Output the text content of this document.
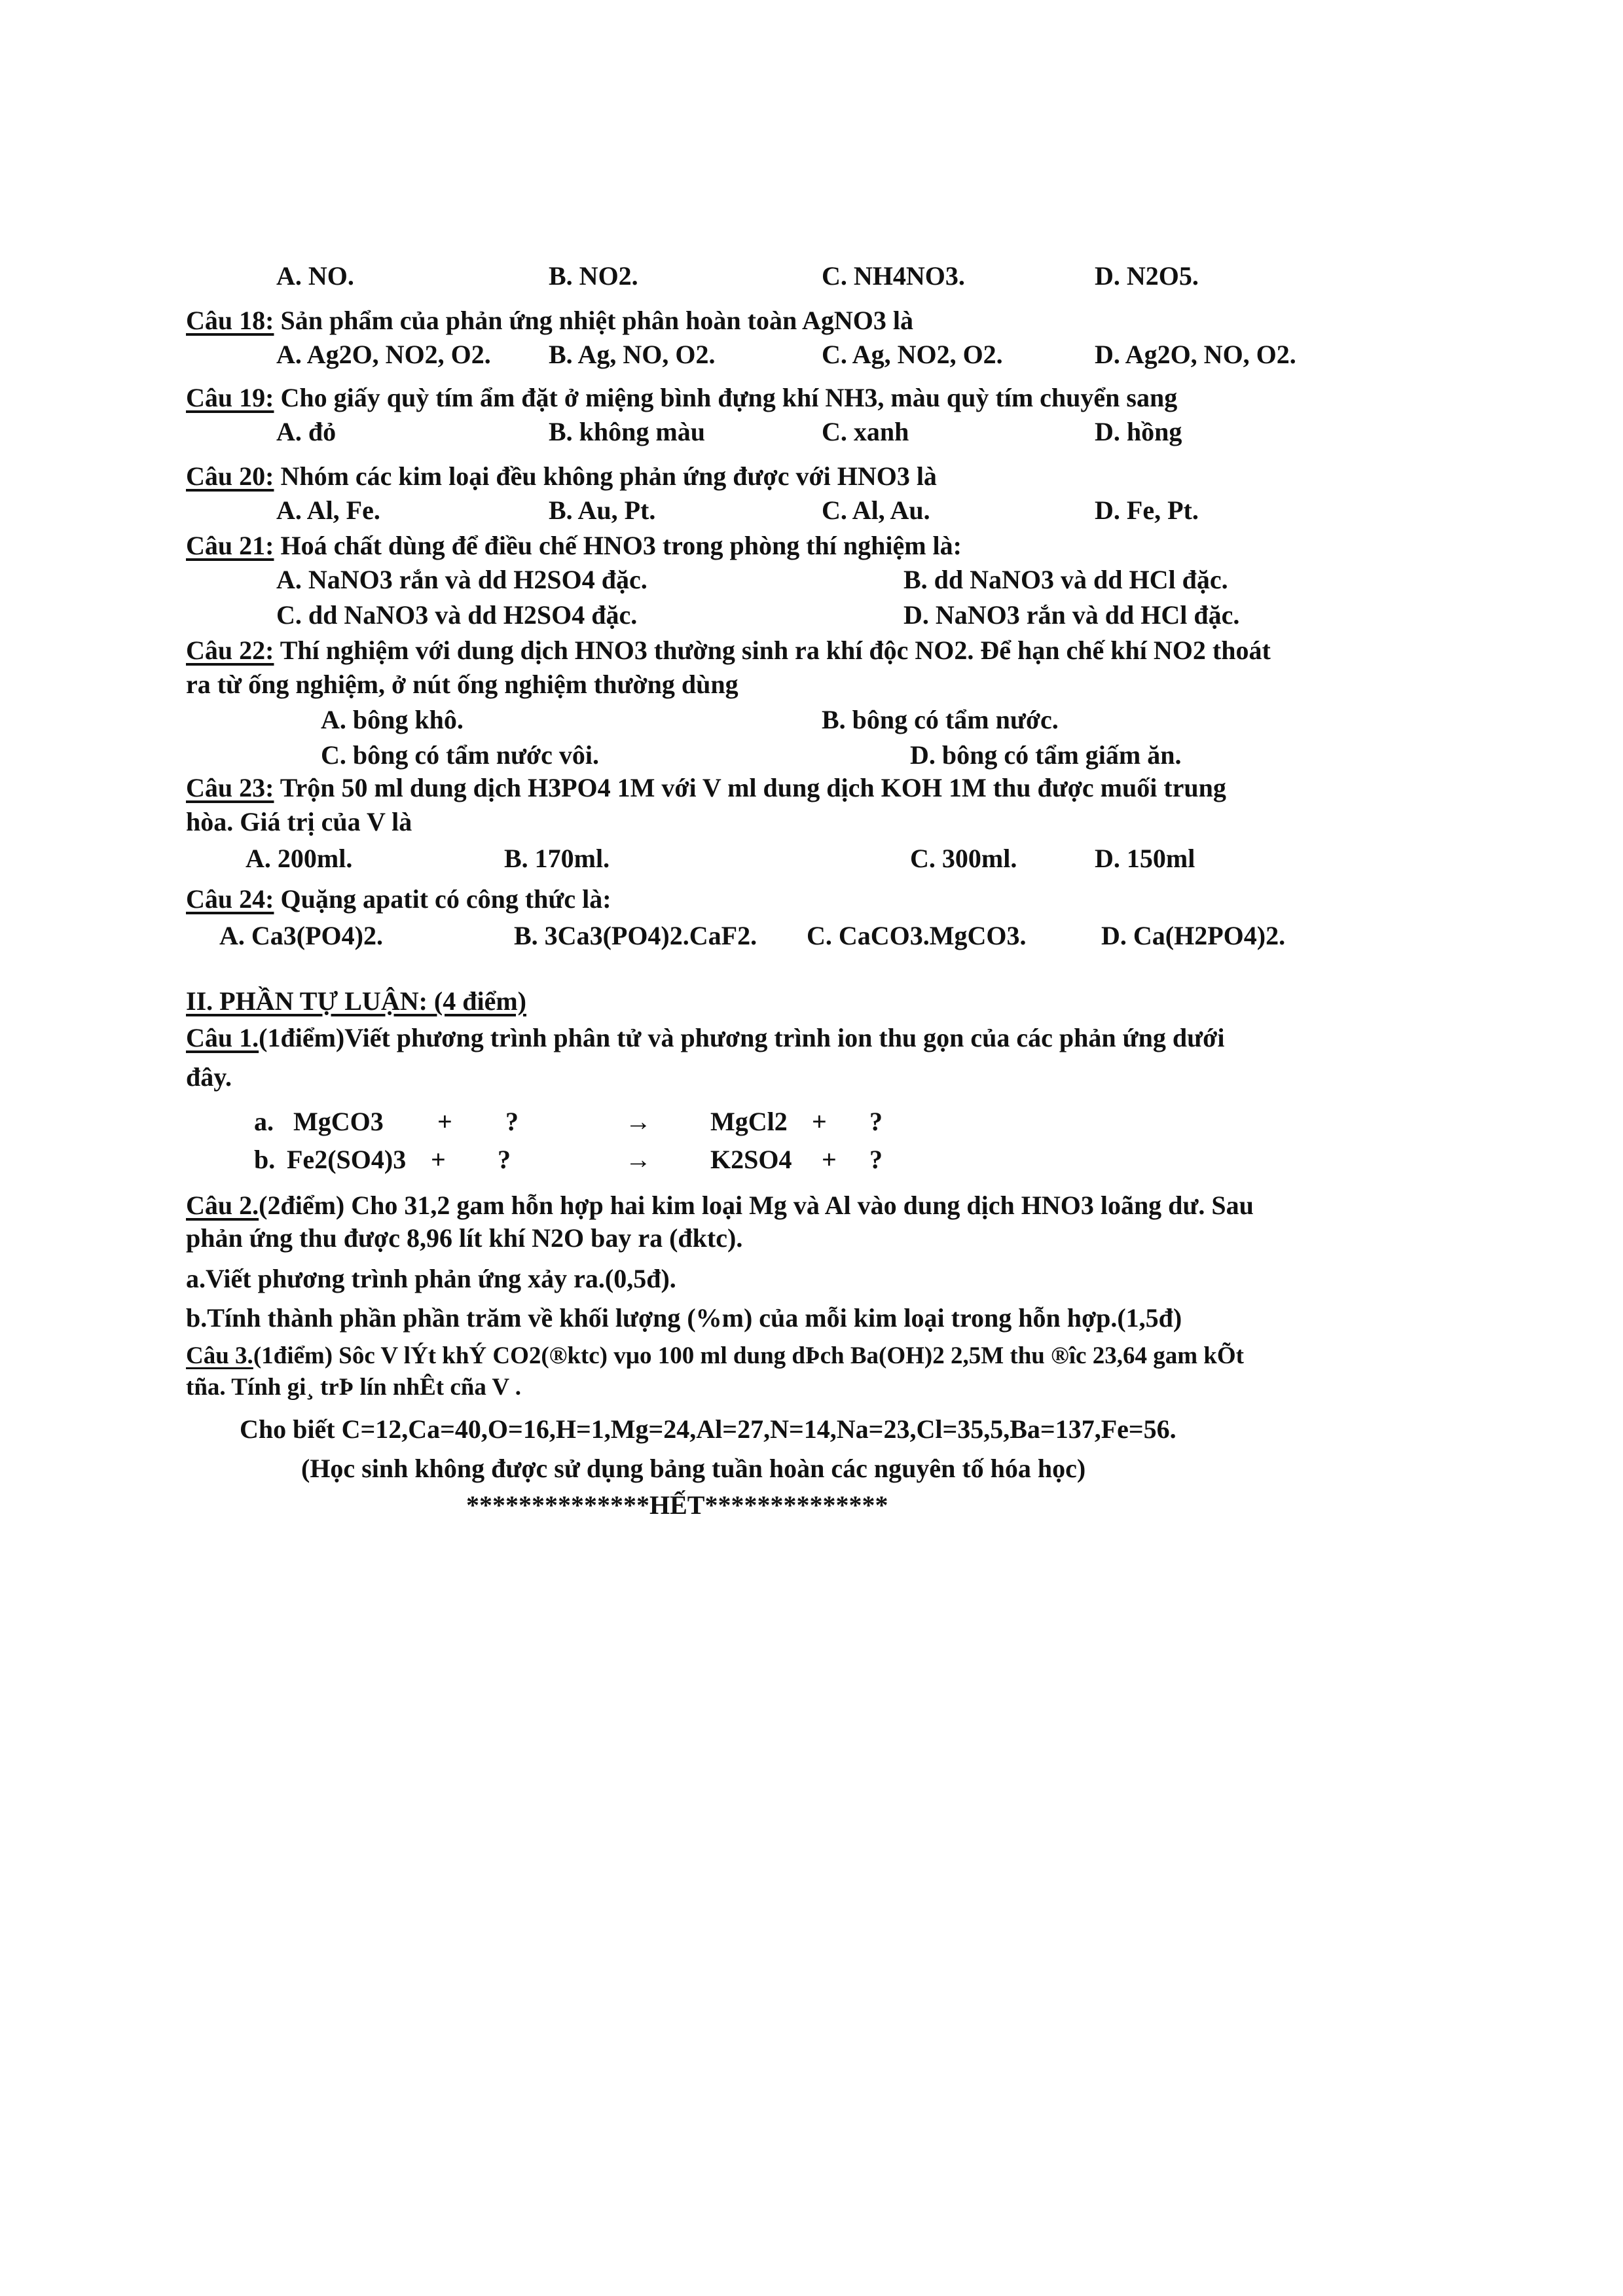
A. NO.	B. NO2.	C. NH4NO3.	D. N2O5.
Câu 18: Sản phẩm của phản ứng nhiệt phân hoàn toàn AgNO3 là
A. Ag2O, NO2, O2. B. Ag, NO, O2.	C. Ag, NO2, O2.	D. Ag2O, NO, O2.
Câu 19: Cho giấy quỳ tím ẩm đặt ở miệng bình đựng khí NH3, màu quỳ tím chuyển sang
A. đỏ	B. không màu	C. xanh	D. hồng
Câu 20: Nhóm các kim loại đều không phản ứng được với HNO3 là
A. Al, Fe.	B. Au, Pt.	C. Al, Au.	D. Fe, Pt.
Câu 21: Hoá chất dùng để điều chế HNO3 trong phòng thí nghiệm là:
A. NaNO3 rắn và dd H2SO4 đặc.	B. dd NaNO3 và dd HCl đặc.
C. dd NaNO3 và dd H2SO4 đặc.	D. NaNO3 rắn và dd HCl đặc.
Câu 22: Thí nghiệm với dung dịch HNO3 thường sinh ra khí độc NO2. Để hạn chế khí NO2 thoát
ra từ ống nghiệm, ở nút ống nghiệm thường dùng
A. bông khô.	B. bông có tẩm nước.
C. bông có tẩm nước vôi.	D. bông có tẩm giấm ăn.
Câu 23: Trộn 50 ml dung dịch H3PO4 1M với V ml dung dịch KOH 1M thu được muối trung
hòa. Giá trị của V là
A. 200ml.	B. 170ml.	C. 300ml.	D. 150ml
Câu 24: Quặng apatit có công thức là:
A. Ca3(PO4)2.	B. 3Ca3(PO4)2.CaF2. C. CaCO3.MgCO3.	D. Ca(H2PO4)2.
II. PHẦN TỰ LUẬN: (4 điểm)
Câu 1.(1điểm)Viết phương trình phân tử và phương trình ion thu gọn của các phản ứng dưới
đây.
a. MgCO3 + ?	→ MgCl2 + ?
b. Fe2(SO4)3 + ?	→ K2SO4 + ?
Câu 2.(2điểm) Cho 31,2 gam hỗn hợp hai kim loại Mg và Al vào dung dịch HNO3 loãng dư. Sau
phản ứng thu được 8,96 lít khí N2O bay ra (đktc).
a.Viết phương trình phản ứng xảy ra.(0,5đ).
b.Tính thành phần phần trăm về khối lượng (%m) của mỗi kim loại trong hỗn hợp.(1,5đ)
Câu 3.(1điểm) Sôc V lÝt khÝ CO2(®ktc) vµo 100 ml dung dÞch Ba(OH)2 2,5M thu ®îc 23,64 gam kÕt
tña. Tính gi¸ trÞ lín nhÊt cña V .
Cho biết C=12,Ca=40,O=16,H=1,Mg=24,Al=27,N=14,Na=23,Cl=35,5,Ba=137,Fe=56.
(Học sinh không được sử dụng bảng tuần hoàn các nguyên tố hóa học)
**************HẾT**************
